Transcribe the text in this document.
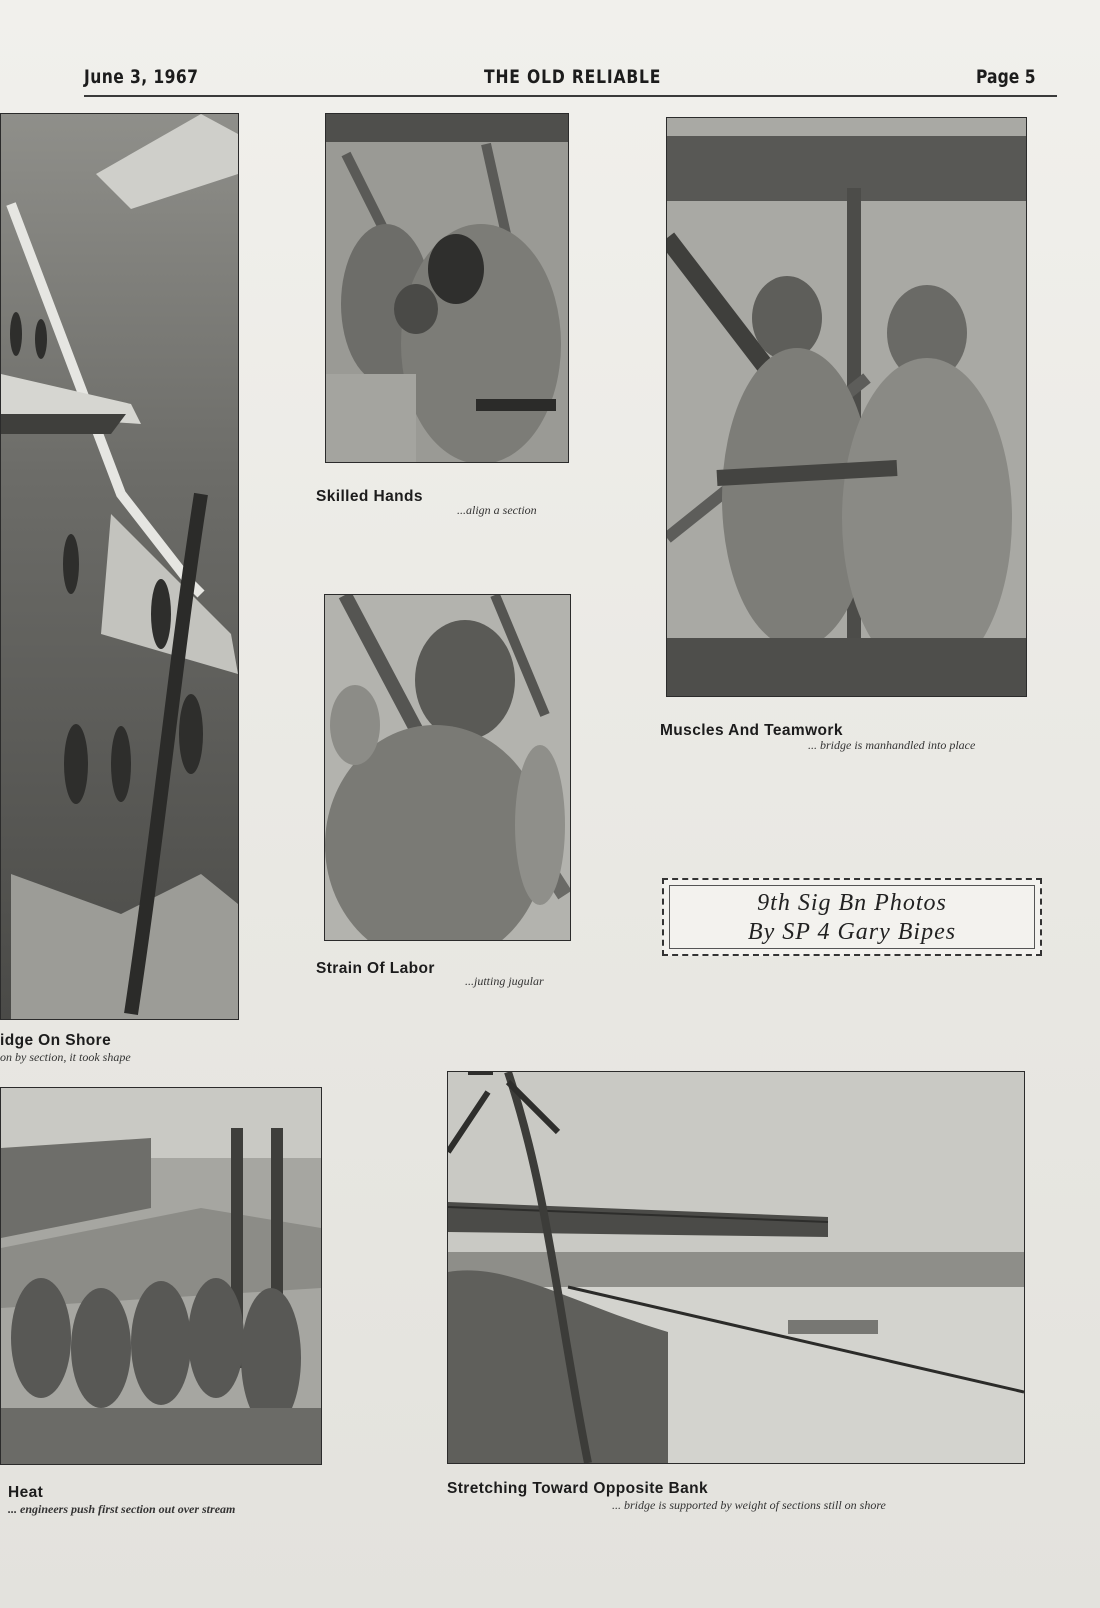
June 3, 1967	THE OLD RELIABLE	Page 5
idge On Shore
on by section, it took shape
Skilled Hands
...align a section
Muscles And Teamwork
... bridge is manhandled into place
Strain Of Labor
...jutting jugular
9th Sig Bn Photos
By SP 4 Gary Bipes
Heat
... engineers push first section out over stream
Stretching Toward Opposite Bank
... bridge is supported by weight of sections still on shore
